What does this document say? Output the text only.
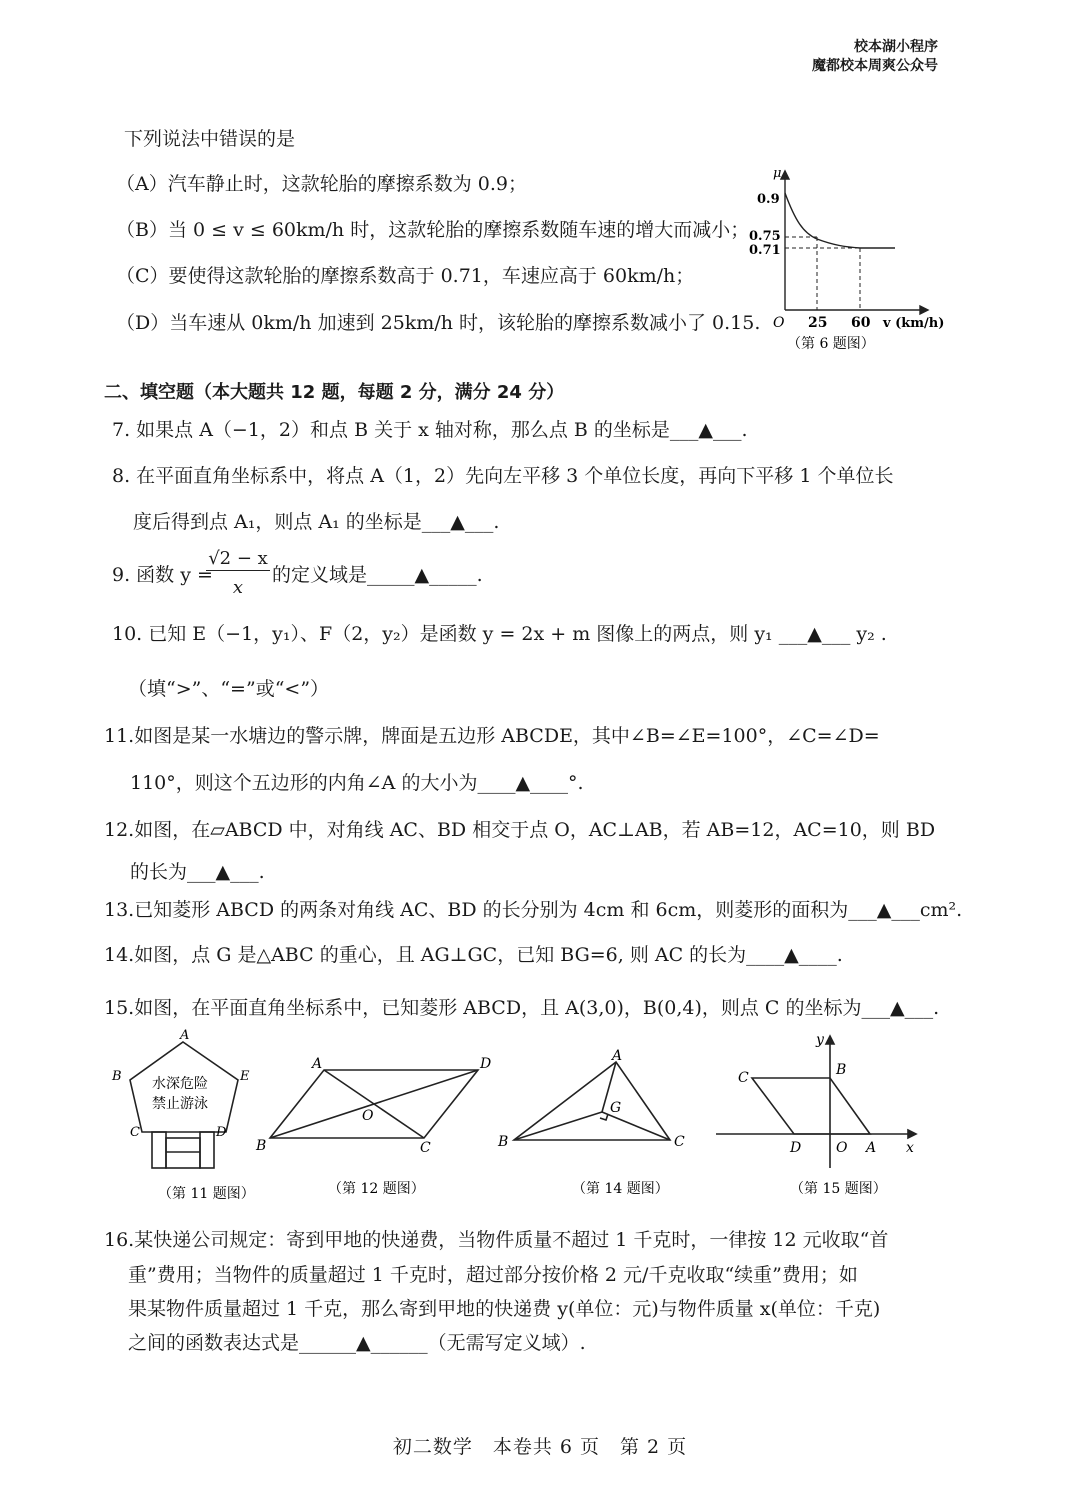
校本湖小程序
魔都校本周爽公众号
下列说法中错误的是
（A）汽车静止时，这款轮胎的摩擦系数为 0.9；
（B）当 0 ≤ v ≤ 60km/h 时，这款轮胎的摩擦系数随车速的增大而减小；
（C）要使得这款轮胎的摩擦系数高于 0.71，车速应高于 60km/h；
（D）当车速从 0km/h 加速到 25km/h 时，该轮胎的摩擦系数减小了 0.15.
μ
0.9
0.75
0.71
O 25 60 v (km/h)
（第 6 题图）
二、填空题（本大题共 12 题，每题 2 分，满分 24 分）
7. 如果点 A（−1，2）和点 B 关于 x 轴对称，那么点 B 的坐标是___▲___.
8. 在平面直角坐标系中，将点 A（1，2）先向左平移 3 个单位长度，再向下平移 1 个单位长
度后得到点 A₁，则点 A₁ 的坐标是___▲___.
9. 函数 y =
√2 − x
x
的定义域是_____▲_____.
10. 已知 E（−1，y₁）、F（2，y₂）是函数 y = 2x + m 图像上的两点，则 y₁ ___▲___ y₂ .
（填“>”、“=”或“<”）
11.如图是某一水塘边的警示牌，牌面是五边形 ABCDE，其中∠B=∠E=100°，∠C=∠D=
110°，则这个五边形的内角∠A 的大小为____▲____°.
12.如图，在▱ABCD 中，对角线 AC、BD 相交于点 O，AC⊥AB，若 AB=12，AC=10，则 BD
的长为___▲___.
13.已知菱形 ABCD 的两条对角线 AC、BD 的长分别为 4cm 和 6cm，则菱形的面积为___▲___cm².
14.如图，点 G 是△ABC 的重心，且 AG⊥GC，已知 BG=6, 则 AC 的长为____▲____.
15.如图，在平面直角坐标系中，已知菱形 ABCD，且 A(3,0)，B(0,4)，则点 C 的坐标为___▲___.
A
B
C	D
E
水深危险
禁止游泳
（第 11 题图）
A
B	C
D
O
（第 12 题图）
A
B	C
G
（第 14 题图）
y
x
B
C
D O A
（第 15 题图）
16.某快递公司规定：寄到甲地的快递费，当物件质量不超过 1 千克时，一律按 12 元收取“首
重”费用；当物件的质量超过 1 千克时，超过部分按价格 2 元/千克收取“续重”费用；如
果某物件质量超过 1 千克，那么寄到甲地的快递费 y(单位：元)与物件质量 x(单位：千克)
之间的函数表达式是______▲______（无需写定义域）.
初二数学　本卷共 6 页　第 2 页
